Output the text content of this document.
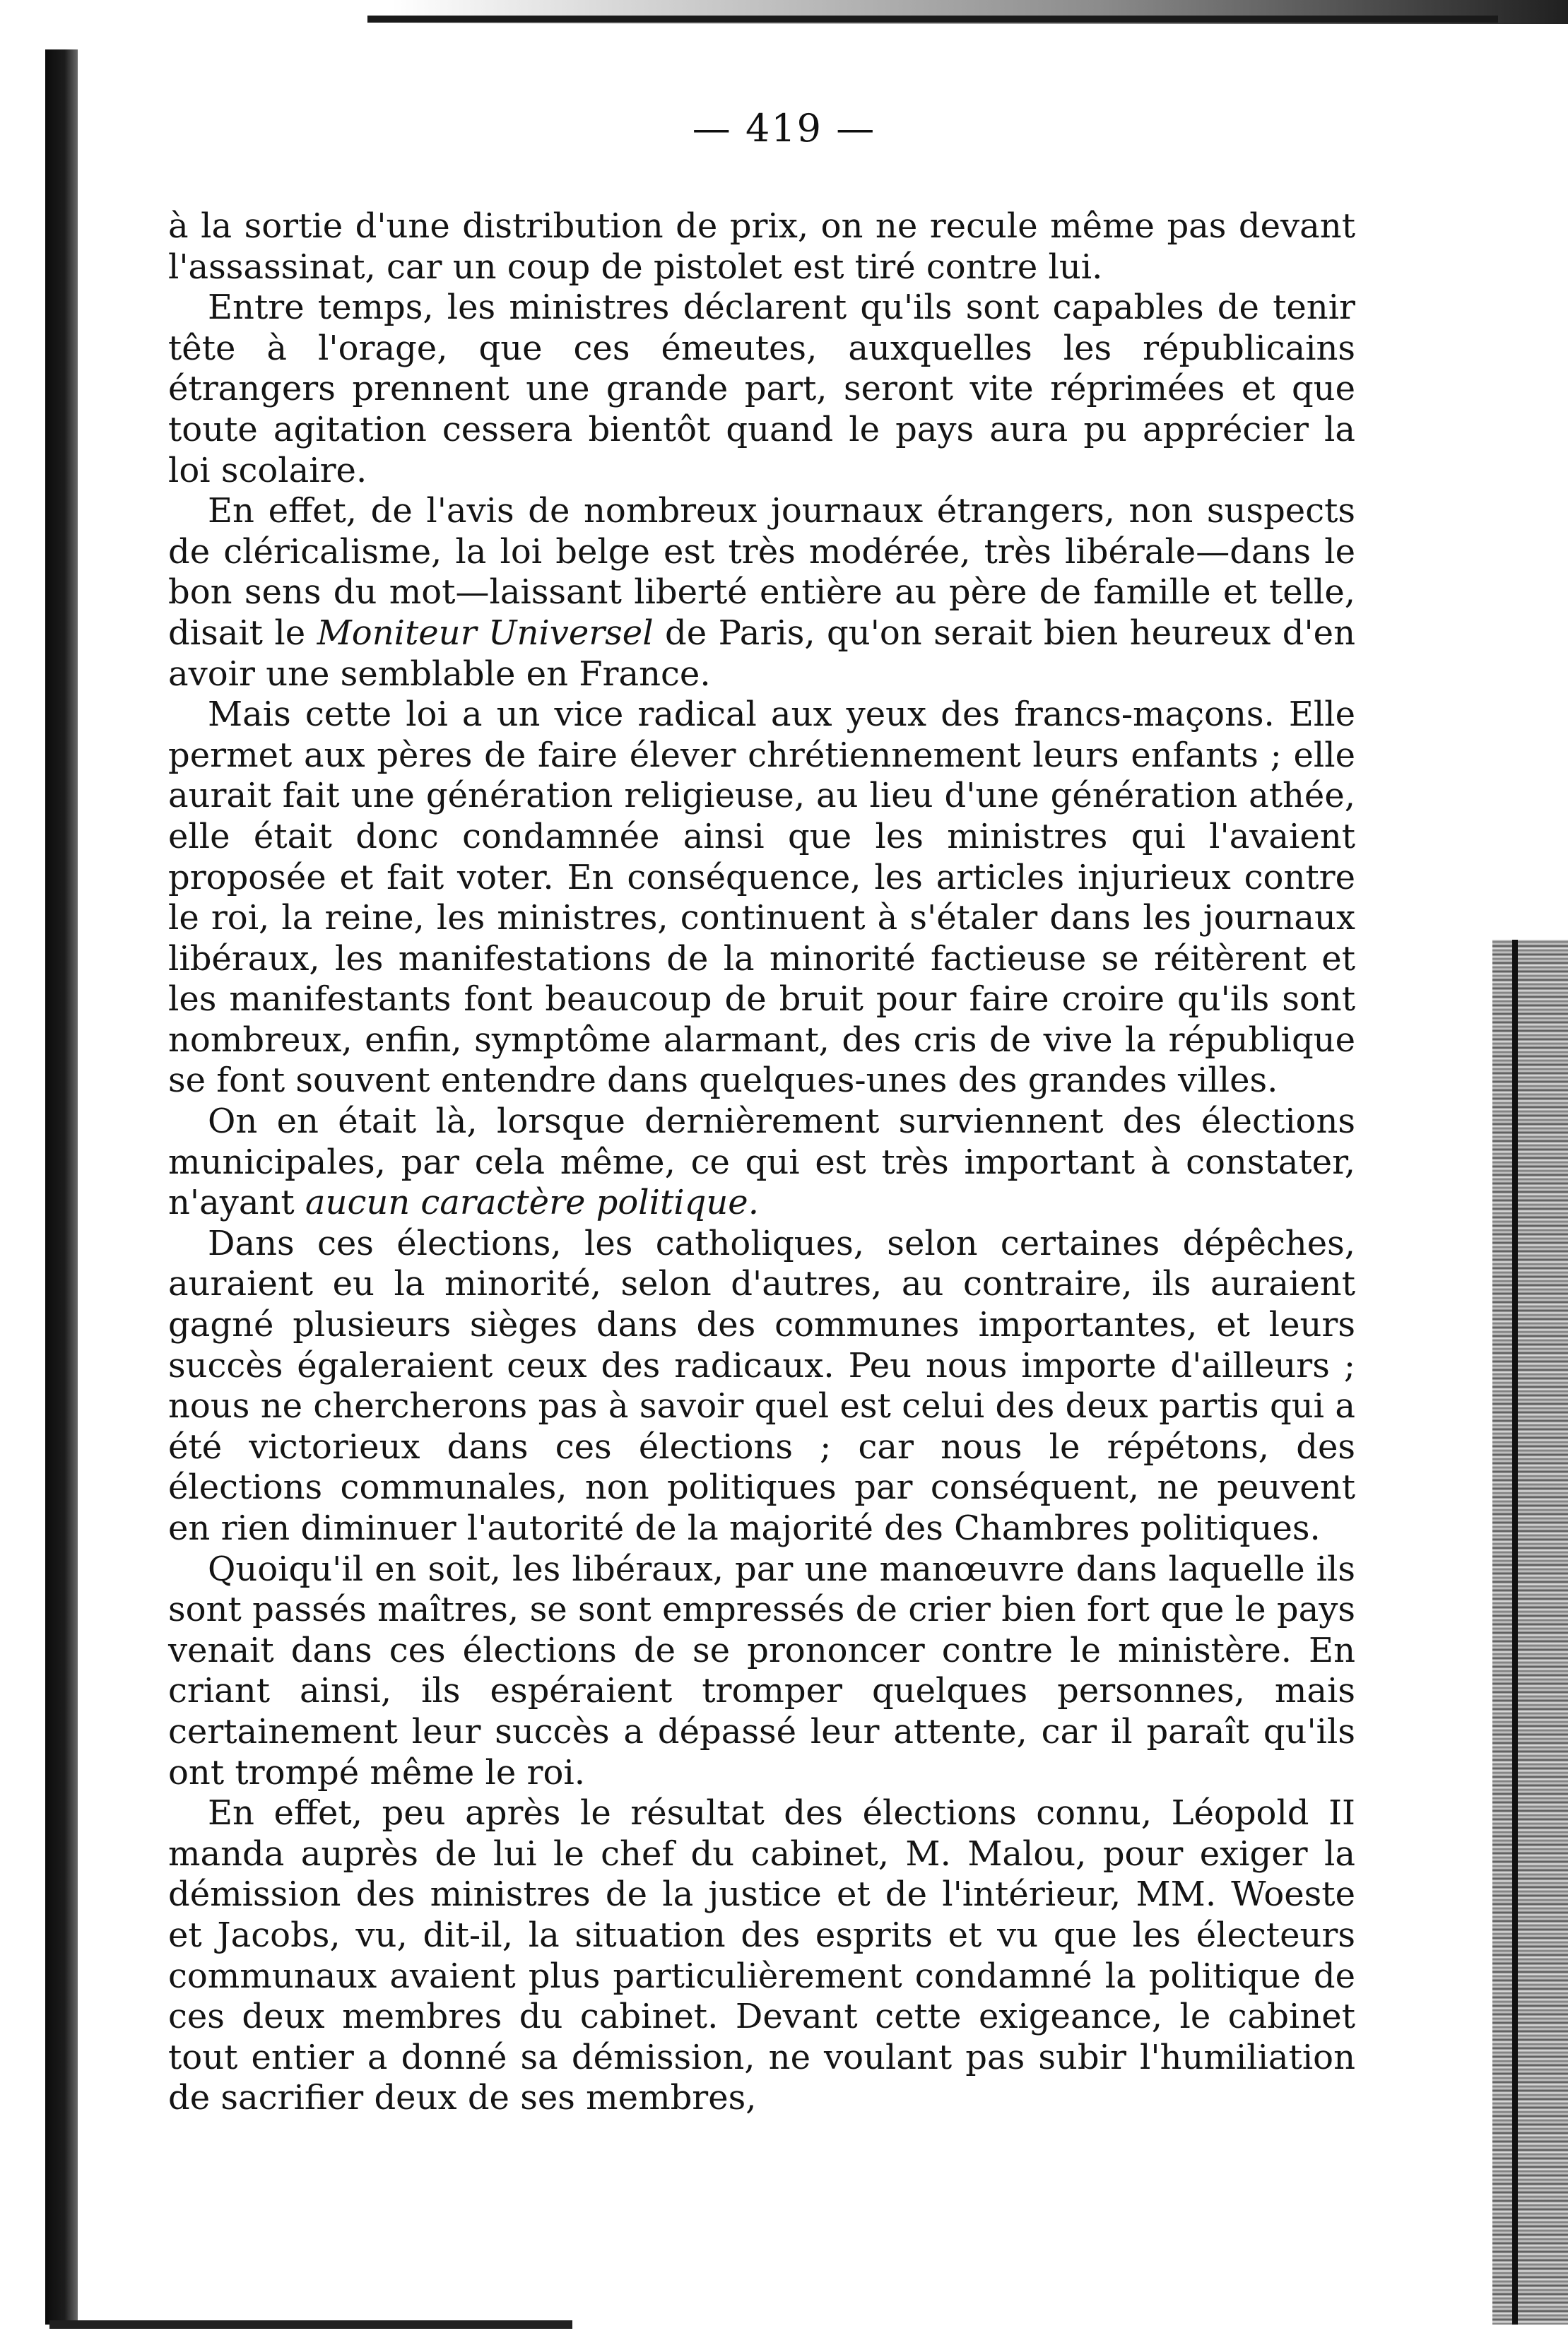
— 419 —

à la sortie d'une distribution de prix, on ne recule même pas devant l'assassinat, car un coup de pistolet est tiré contre lui.

Entre temps, les ministres déclarent qu'ils sont capables de tenir tête à l'orage, que ces émeutes, auxquelles les républicains étrangers prennent une grande part, seront vite réprimées et que toute agitation cessera bientôt quand le pays aura pu apprécier la loi scolaire.

En effet, de l'avis de nombreux journaux étrangers, non suspects de cléricalisme, la loi belge est très modérée, très libérale—dans le bon sens du mot—laissant liberté entière au père de famille et telle, disait le Moniteur Universel de Paris, qu'on serait bien heureux d'en avoir une semblable en France.

Mais cette loi a un vice radical aux yeux des francs-maçons. Elle permet aux pères de faire élever chrétiennement leurs enfants ; elle aurait fait une génération religieuse, au lieu d'une génération athée, elle était donc condamnée ainsi que les ministres qui l'avaient proposée et fait voter. En conséquence, les articles injurieux contre le roi, la reine, les ministres, continuent à s'étaler dans les journaux libéraux, les manifestations de la minorité factieuse se réitèrent et les manifestants font beaucoup de bruit pour faire croire qu'ils sont nombreux, enfin, symptôme alarmant, des cris de vive la république se font souvent entendre dans quelques-unes des grandes villes.

On en était là, lorsque dernièrement surviennent des élections municipales, par cela même, ce qui est très important à constater, n'ayant aucun caractère politique.

Dans ces élections, les catholiques, selon certaines dépêches, auraient eu la minorité, selon d'autres, au contraire, ils auraient gagné plusieurs sièges dans des communes importantes, et leurs succès égaleraient ceux des radicaux. Peu nous importe d'ailleurs ; nous ne chercherons pas à savoir quel est celui des deux partis qui a été victorieux dans ces élections ; car nous le répétons, des élections communales, non politiques par conséquent, ne peuvent en rien diminuer l'autorité de la majorité des Chambres politiques.

Quoiqu'il en soit, les libéraux, par une manœuvre dans laquelle ils sont passés maîtres, se sont empressés de crier bien fort que le pays venait dans ces élections de se prononcer contre le ministère. En criant ainsi, ils espéraient tromper quelques personnes, mais certainement leur succès a dépassé leur attente, car il paraît qu'ils ont trompé même le roi.

En effet, peu après le résultat des élections connu, Léopold II manda auprès de lui le chef du cabinet, M. Malou, pour exiger la démission des ministres de la justice et de l'intérieur, MM. Woeste et Jacobs, vu, dit-il, la situation des esprits et vu que les électeurs communaux avaient plus particulièrement condamné la politique de ces deux membres du cabinet. Devant cette exigeance, le cabinet tout entier a donné sa démission, ne voulant pas subir l'humiliation de sacrifier deux de ses membres,
